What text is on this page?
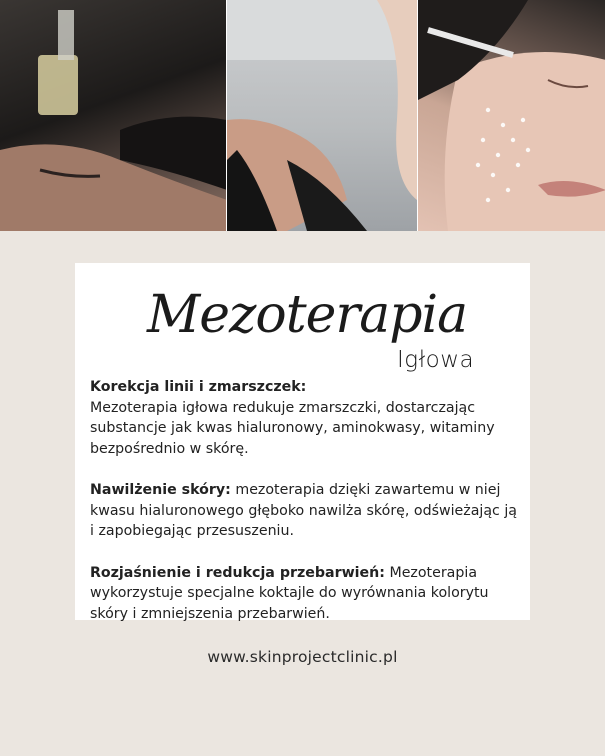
Mezoterapia
Igłowa
Korekcja linii i zmarszczek:
Mezoterapia igłowa redukuje zmarszczki, dostarczając substancje jak kwas hialuronowy, aminokwasy, witaminy bezpośrednio w skórę.
Nawilżenie skóry: mezoterapia dzięki zawartemu w niej kwasu hialuronowego głęboko nawilża skórę, odświeżając ją i zapobiegając przesuszeniu.
Rozjaśnienie i redukcja przebarwień: Mezoterapia wykorzystuje specjalne koktajle do wyrównania kolorytu skóry i zmniejszenia przebarwień.
www.skinprojectclinic.pl
